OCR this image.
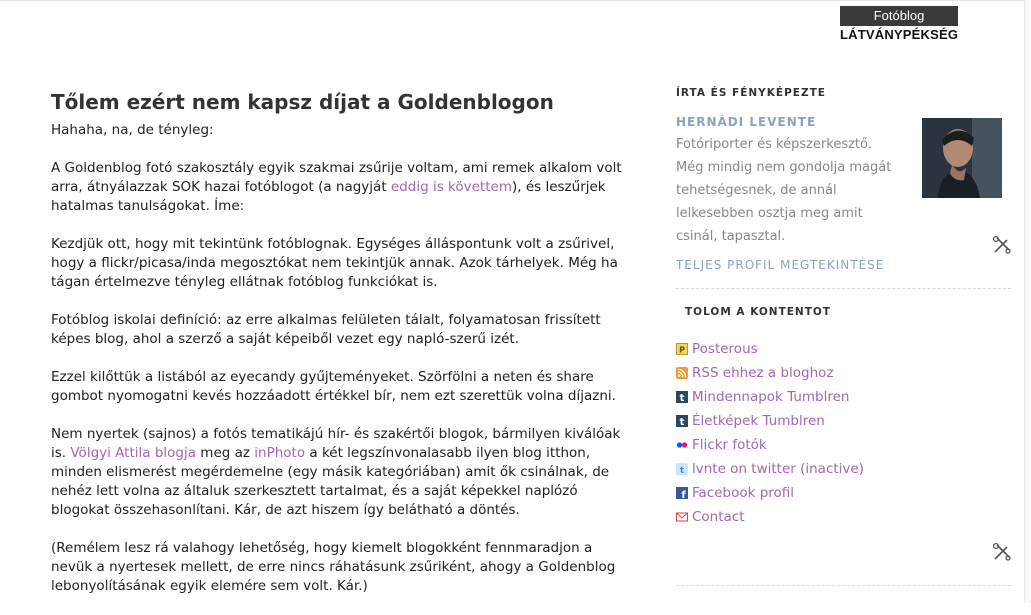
Fotóblog
LÁTVÁNYPÉKSÉG
Tőlem ezért nem kapsz díjat a Goldenblogon

Hahaha, na, de tényleg:

A Goldenblog fotó szakosztály egyik szakmai zsűrije voltam, ami remek alkalom volt arra, átnyálazzak SOK hazai fotóblogot (a nagyját eddig is követtem), és leszűrjek hatalmas tanulságokat. Íme:

Kezdjük ott, hogy mit tekintünk fotóblognak. Egységes álláspontunk volt a zsűrivel, hogy a flickr/picasa/inda megosztókat nem tekintjük annak. Azok tárhelyek. Még ha tágan értelmezve tényleg ellátnak fotóblog funkciókat is.

Fotóblog iskolai definíció: az erre alkalmas felületen tálalt, folyamatosan frissített képes blog, ahol a szerző a saját képeiből vezet egy napló-szerű izét.

Ezzel kilőttük a listából az eyecandy gyűjteményeket. Szörfölni a neten és share gombot nyomogatni kevés hozzáadott értékkel bír, nem ezt szerettük volna díjazni.

Nem nyertek (sajnos) a fotós tematikájú hír- és szakértői blogok, bármilyen kiválóak is. Völgyi Attila blogja meg az inPhoto a két legszínvonalasabb ilyen blog itthon, minden elismerést megérdemelne (egy másik kategóriában) amit ők csinálnak, de nehéz lett volna az általuk szerkesztett tartalmat, és a saját képekkel naplózó blogokat összehasonlítani. Kár, de azt hiszem így belátható a döntés.

(Remélem lesz rá valahogy lehetőség, hogy kiemelt blogokként fennmaradjon a nevük a nyertesek mellett, de erre nincs ráhatásunk zsűriként, ahogy a Goldenblog lebonyolításának egyik elemére sem volt. Kár.)

ÍRTA ÉS FÉNYKÉPEZTE
HERNÁDI LEVENTE
Fotóriporter és képszerkesztő.
Még mindig nem gondolja magát tehetségesnek, de annál lelkesebben osztja meg amit csinál, tapasztal.
TELJES PROFIL MEGTEKINTÉSE
TOLOM A KONTENTOT
P Posterous
RSS ehhez a bloghoz
t Mindennapok Tumblren
t Életképek Tumblren
Flickr fotók
t lvnte on twitter (inactive)
f Facebook profil
Contact
